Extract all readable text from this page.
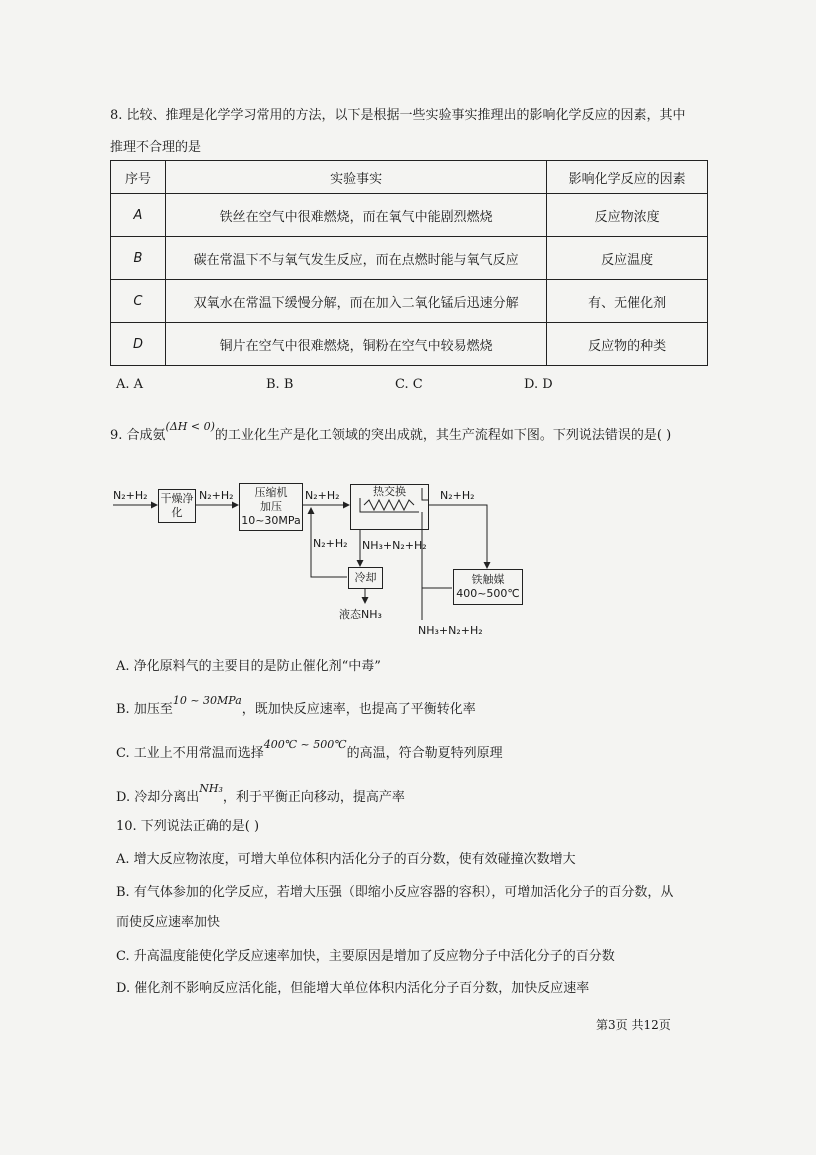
8. 比较、推理是化学学习常用的方法，以下是根据一些实验事实推理出的影响化学反应的因素，其中
推理不合理的是
序号	实验事实	影响化学反应的因素
A	铁丝在空气中很难燃烧，而在氧气中能剧烈燃烧	反应物浓度
B	碳在常温下不与氧气发生反应，而在点燃时能与氧气反应	反应温度
C	双氧水在常温下缓慢分解，而在加入二氧化锰后迅速分解	有、无催化剂
D	铜片在空气中很难燃烧，铜粉在空气中较易燃烧	反应物的种类
A. A	B. B	C. C	D. D
9. 合成氨$^{(\Delta H < 0)}$的工业化生产是化工领域的突出成就，其生产流程如下图。下列说法错误的是( )
N₂+H₂ 干燥净化
N₂+H₂	压缩机
加压
10~30MPa
N₂+H₂	热交换	N₂+H₂
铁触媒
400~500℃
N₂+H₂ NH₃+N₂+H₂
冷却
液态NH₃
NH₃+N₂+H₂
A. 净化原料气的主要目的是防止催化剂“中毒”
B. 加压至$^{10 \sim 30MPa}$，既加快反应速率，也提高了平衡转化率
C. 工业上不用常温而选择$^{400℃ \sim 500℃}$的高温，符合勒夏特列原理
D. 冷却分离出$^{NH_3}$，利于平衡正向移动，提高产率
10. 下列说法正确的是( )
A. 增大反应物浓度，可增大单位体积内活化分子的百分数，使有效碰撞次数增大
B. 有气体参加的化学反应，若增大压强（即缩小反应容器的容积），可增加活化分子的百分数，从
而使反应速率加快
C. 升高温度能使化学反应速率加快，主要原因是增加了反应物分子中活化分子的百分数
D. 催化剂不影响反应活化能，但能增大单位体积内活化分子百分数，加快反应速率
第3页 共12页
